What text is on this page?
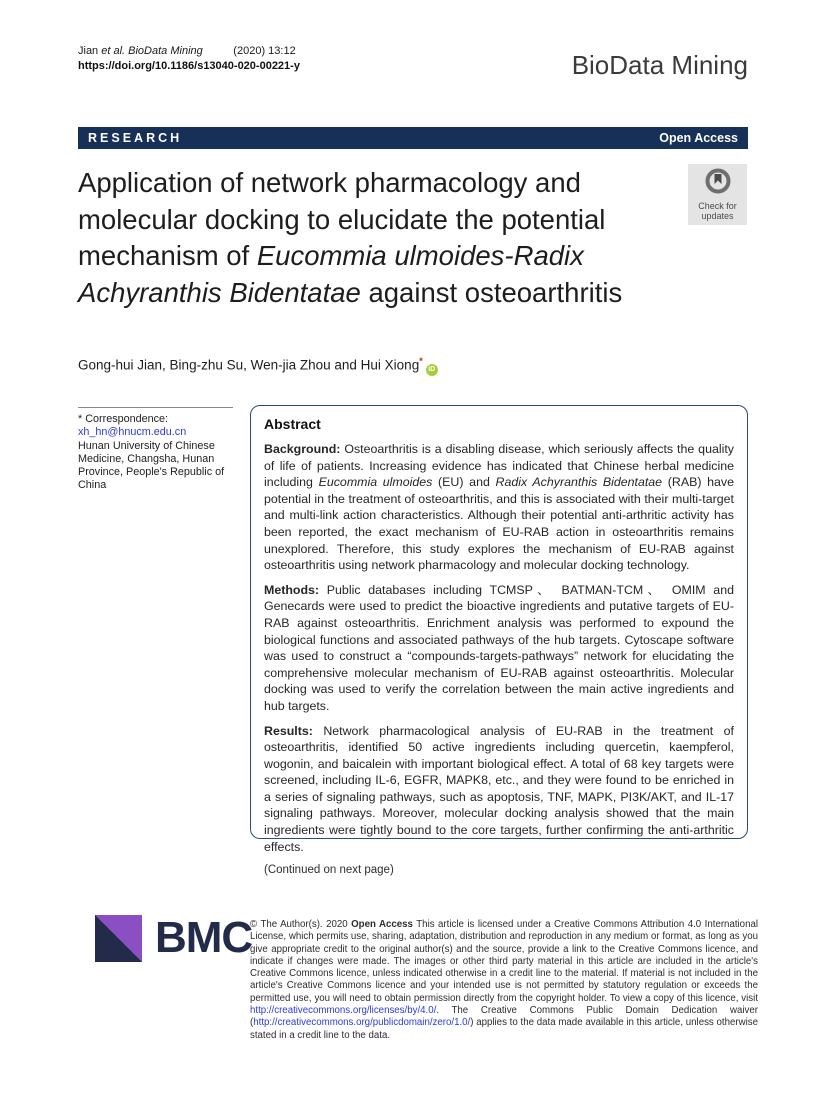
Jian et al. BioData Mining          (2020) 13:12
https://doi.org/10.1186/s13040-020-00221-y	BioData Mining
RESEARCH	Open Access
Application of network pharmacology and molecular docking to elucidate the potential mechanism of Eucommia ulmoides-Radix Achyranthis Bidentatae against osteoarthritis
Check for
updates
Gong-hui Jian, Bing-zhu Su, Wen-jia Zhou and Hui Xiong*iD
* Correspondence: xh_hn@hnucm.edu.cn
Hunan University of Chinese Medicine, Changsha, Hunan Province, People's Republic of China
Abstract

Background: Osteoarthritis is a disabling disease, which seriously affects the quality of life of patients. Increasing evidence has indicated that Chinese herbal medicine including Eucommia ulmoides (EU) and Radix Achyranthis Bidentatae (RAB) have potential in the treatment of osteoarthritis, and this is associated with their multi-target and multi-link action characteristics. Although their potential anti-arthritic activity has been reported, the exact mechanism of EU-RAB action in osteoarthritis remains unexplored. Therefore, this study explores the mechanism of EU-RAB against osteoarthritis using network pharmacology and molecular docking technology.

Methods: Public databases including TCMSP、 BATMAN-TCM、 OMIM and Genecards were used to predict the bioactive ingredients and putative targets of EU-RAB against osteoarthritis. Enrichment analysis was performed to expound the biological functions and associated pathways of the hub targets. Cytoscape software was used to construct a “compounds-targets-pathways” network for elucidating the comprehensive molecular mechanism of EU-RAB against osteoarthritis. Molecular docking was used to verify the correlation between the main active ingredients and hub targets.

Results: Network pharmacological analysis of EU-RAB in the treatment of osteoarthritis, identified 50 active ingredients including quercetin, kaempferol, wogonin, and baicalein with important biological effect. A total of 68 key targets were screened, including IL-6, EGFR, MAPK8, etc., and they were found to be enriched in a series of signaling pathways, such as apoptosis, TNF, MAPK, PI3K/AKT, and IL-17 signaling pathways. Moreover, molecular docking analysis showed that the main ingredients were tightly bound to the core targets, further confirming the anti-arthritic effects.

(Continued on next page)
BMC
© The Author(s). 2020 Open Access This article is licensed under a Creative Commons Attribution 4.0 International License, which permits use, sharing, adaptation, distribution and reproduction in any medium or format, as long as you give appropriate credit to the original author(s) and the source, provide a link to the Creative Commons licence, and indicate if changes were made. The images or other third party material in this article are included in the article's Creative Commons licence, unless indicated otherwise in a credit line to the material. If material is not included in the article's Creative Commons licence and your intended use is not permitted by statutory regulation or exceeds the permitted use, you will need to obtain permission directly from the copyright holder. To view a copy of this licence, visit http://creativecommons.org/licenses/by/4.0/. The Creative Commons Public Domain Dedication waiver (http://creativecommons.org/publicdomain/zero/1.0/) applies to the data made available in this article, unless otherwise stated in a credit line to the data.
